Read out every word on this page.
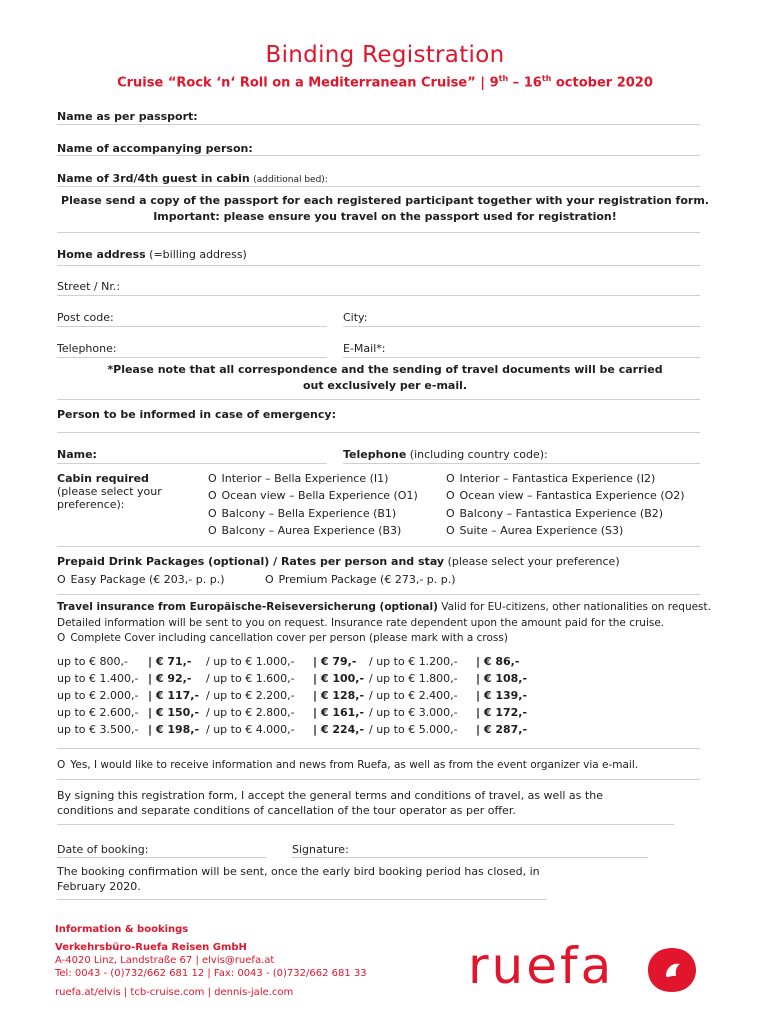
Binding Registration
Cruise “Rock ‘n‘ Roll on a Mediterranean Cruise” | 9th – 16th october 2020
Name as per passport:
Name of accompanying person:
Name of 3rd/4th guest in cabin (additional bed):
Please send a copy of the passport for each registered participant together with your registration form.
Important: please ensure you travel on the passport used for registration!
Home address (=billing address)
Street / Nr.:
Post code:	City:
Telephone:	E-Mail*:
*Please note that all correspondence and the sending of travel documents will be carried
out exclusively per e-mail.
Person to be informed in case of emergency:
Name:	Telephone (including country code):
Cabin required
(please select your
preference):
O Interior – Bella Experience (I1)
O Ocean view – Bella Experience (O1)
O Balcony – Bella Experience (B1)
O Balcony – Aurea Experience (B3)
O Interior – Fantastica Experience (I2)
O Ocean view – Fantastica Experience (O2)
O Balcony – Fantastica Experience (B2)
O Suite – Aurea Experience (S3)
Prepaid Drink Packages (optional) / Rates per person and stay (please select your preference)
O Easy Package (€ 203,- p. p.)	O Premium Package (€ 273,- p. p.)
Travel insurance from Europäische-Reiseversicherung (optional) Valid for EU-citizens, other nationalities on request.
Detailed information will be sent to you on request. Insurance rate dependent upon the amount paid for the cruise.
O Complete Cover including cancellation cover per person (please mark with a cross)
up to € 800,- | € 71,- / up to € 1.000,- | € 79,- / up to € 1.200,- | € 86,-
up to € 1.400,- | € 92,- / up to € 1.600,- | € 100,- / up to € 1.800,- | € 108,-
up to € 2.000,- | € 117,- / up to € 2.200,- | € 128,- / up to € 2.400,- | € 139,-
up to € 2.600,- | € 150,- / up to € 2.800,- | € 161,- / up to € 3.000,- | € 172,-
up to € 3.500,- | € 198,- / up to € 4.000,- | € 224,- / up to € 5.000,- | € 287,-
O Yes, I would like to receive information and news from Ruefa, as well as from the event organizer via e-mail.
By signing this registration form, I accept the general terms and conditions of travel, as well as the
conditions and separate conditions of cancellation of the tour operator as per offer.
Date of booking:	Signature:
The booking confirmation will be sent, once the early bird booking period has closed, in
February 2020.
Information & bookings
Verkehrsbüro-Ruefa Reisen GmbH
A-4020 Linz, Landstraße 67 | elvis@ruefa.at
Tel: 0043 - (0)732/662 681 12 | Fax: 0043 - (0)732/662 681 33
ruefa.at/elvis | tcb-cruise.com | dennis-jale.com	ruefa
